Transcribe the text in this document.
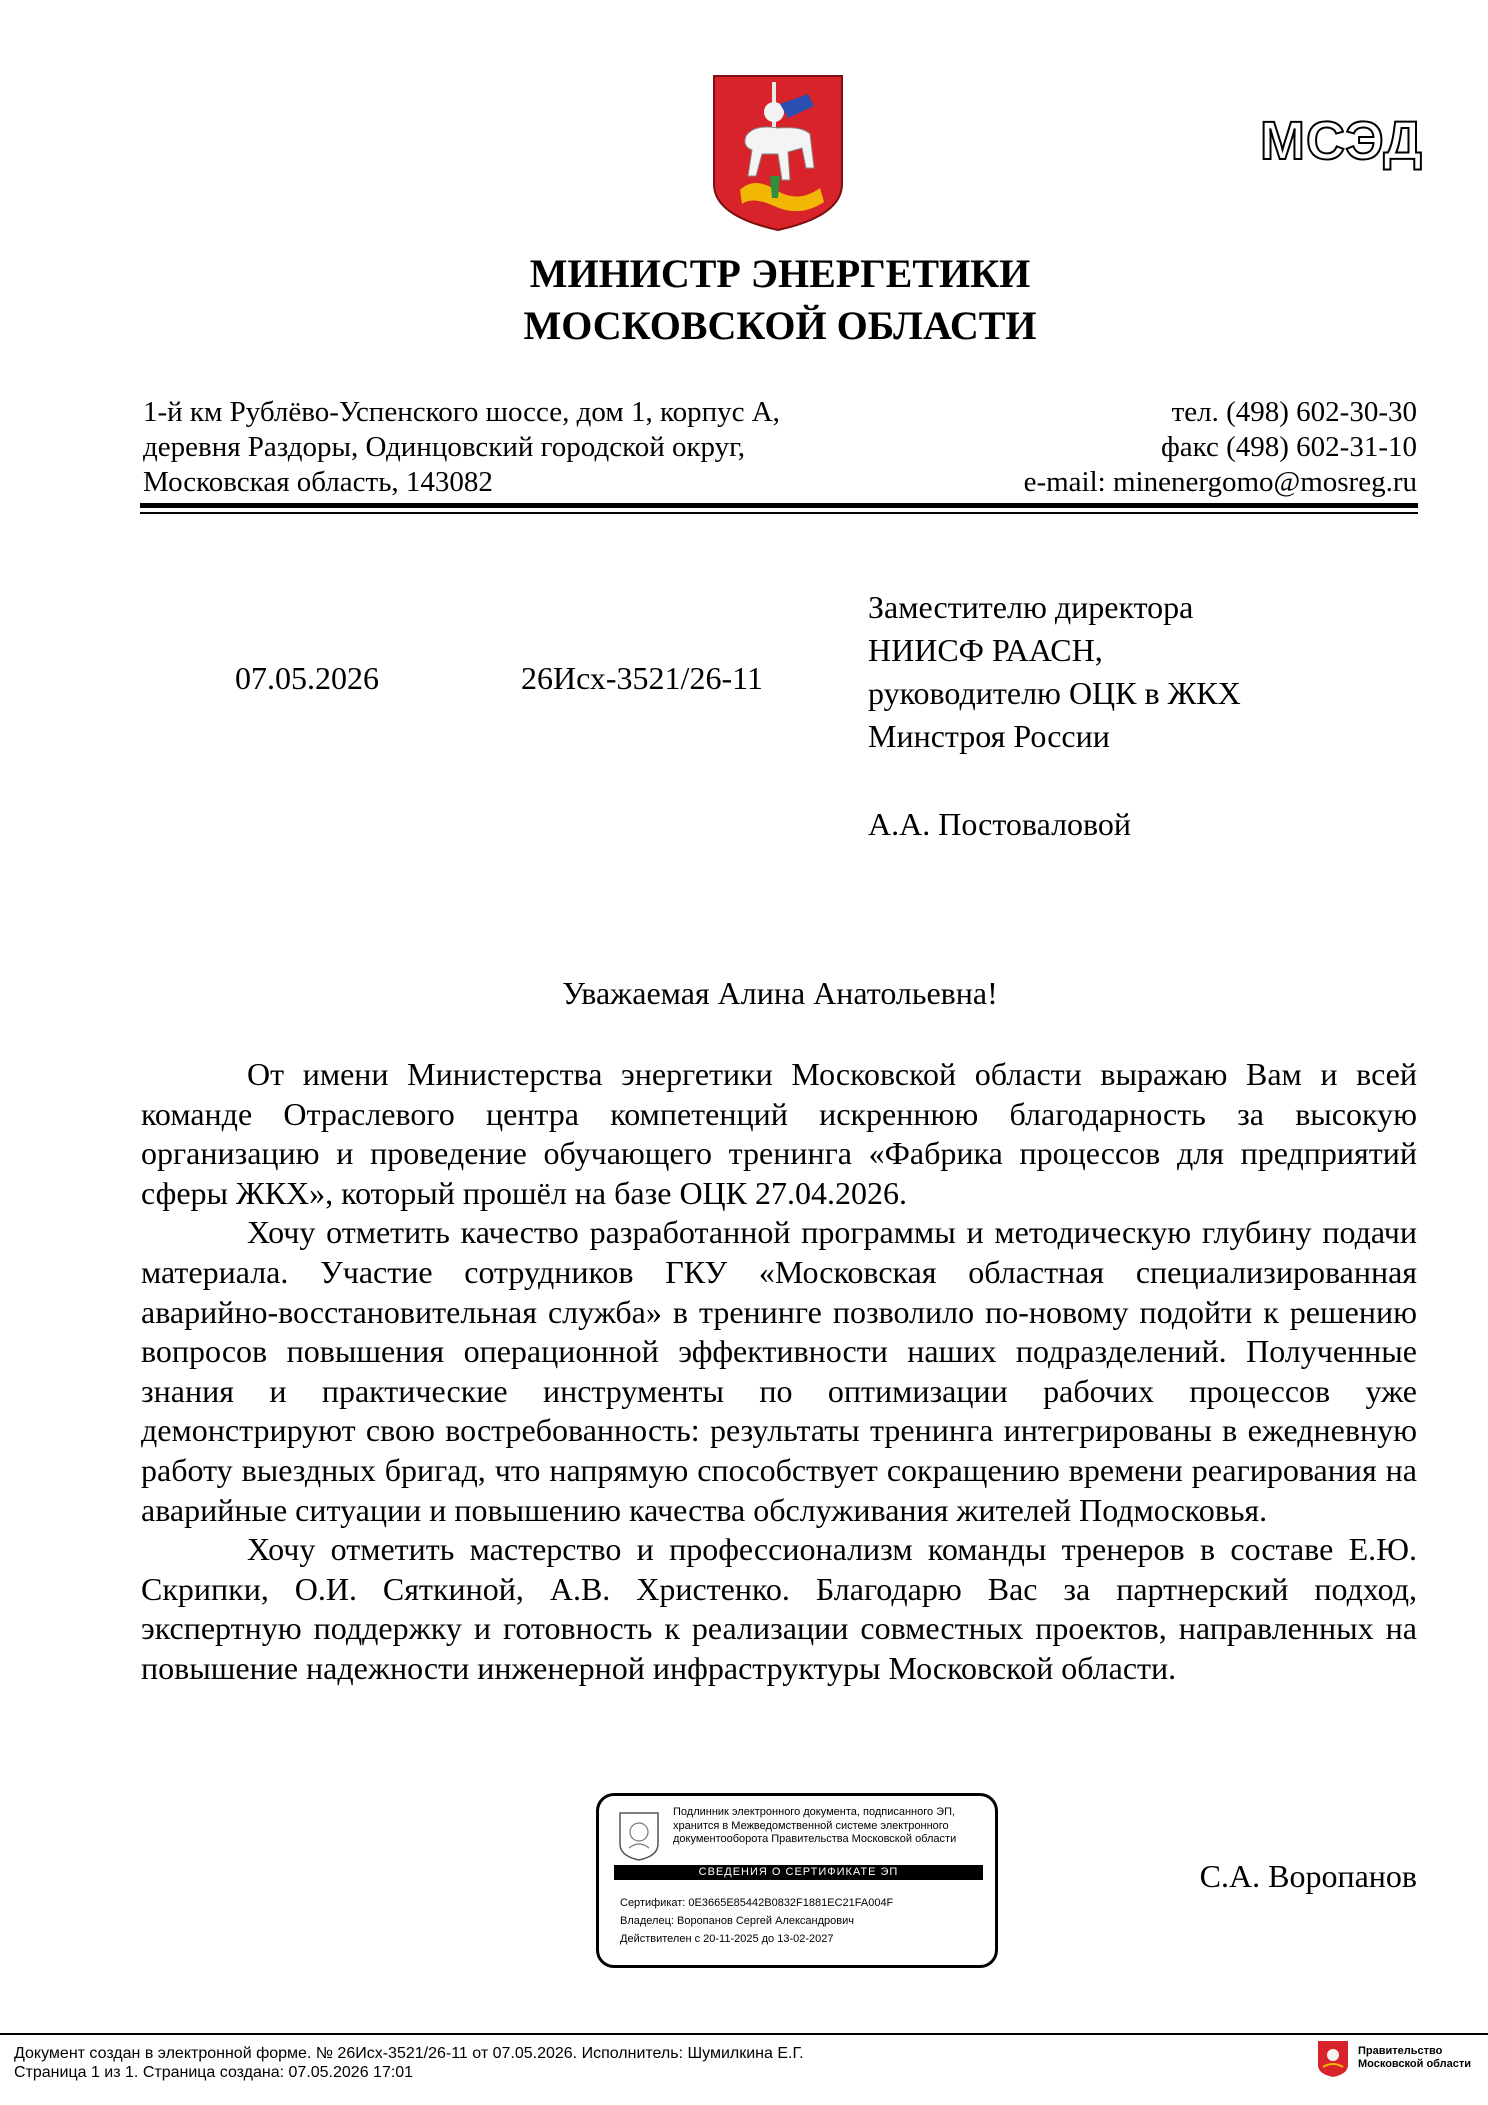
МСЭД
МИНИСТР ЭНЕРГЕТИКИ
МОСКОВСКОЙ ОБЛАСТИ
1-й км Рублёво-Успенского шоссе, дом 1, корпус А,
деревня Раздоры, Одинцовский городской округ,
Московская область, 143082
тел. (498) 602-30-30
факс (498) 602-31-10
e-mail: minenergomo@mosreg.ru
07.05.2026	26Исх-3521/26-11
Заместителю директора
НИИСФ РААСН,
руководителю ОЦК в ЖКХ
Минстроя России
А.А. Постоваловой
Уважаемая Алина Анатольевна!

От имени Министерства энергетики Московской области выражаю Вам и всей команде Отраслевого центра компетенций искреннюю благодарность за высокую организацию и проведение обучающего тренинга «Фабрика процессов для предприятий сферы ЖКХ», который прошёл на базе ОЦК 27.04.2026.

Хочу отметить качество разработанной программы и методическую глубину подачи материала. Участие сотрудников ГКУ «Московская областная специализированная аварийно-восстановительная служба» в тренинге позволило по-новому подойти к решению вопросов повышения операционной эффективности наших подразделений. Полученные знания и практические инструменты по оптимизации рабочих процессов уже демонстрируют свою востребованность: результаты тренинга интегрированы в ежедневную работу выездных бригад, что напрямую способствует сокращению времени реагирования на аварийные ситуации и повышению качества обслуживания жителей Подмосковья.

Хочу отметить мастерство и профессионализм команды тренеров в составе Е.Ю. Скрипки, О.И. Сяткиной, А.В. Христенко. Благодарю Вас за партнерский подход, экспертную поддержку и готовность к реализации совместных проектов, направленных на повышение надежности инженерной инфраструктуры Московской области.

Подлинник электронного документа, подписанного ЭП,
хранится в Межведомственной системе электронного
документооборота Правительства Московской области
СВЕДЕНИЯ О СЕРТИФИКАТЕ ЭП
Сертификат: 0E3665E85442B0832F1881EC21FA004F
Владелец: Воропанов Сергей Александрович
Действителен с 20-11-2025 до 13-02-2027
С.А. Воропанов
Документ создан в электронной форме. № 26Исх-3521/26-11 от 07.05.2026. Исполнитель: Шумилкина Е.Г.
Страница 1 из 1. Страница создана: 07.05.2026 17:01
Правительство
Московской области
